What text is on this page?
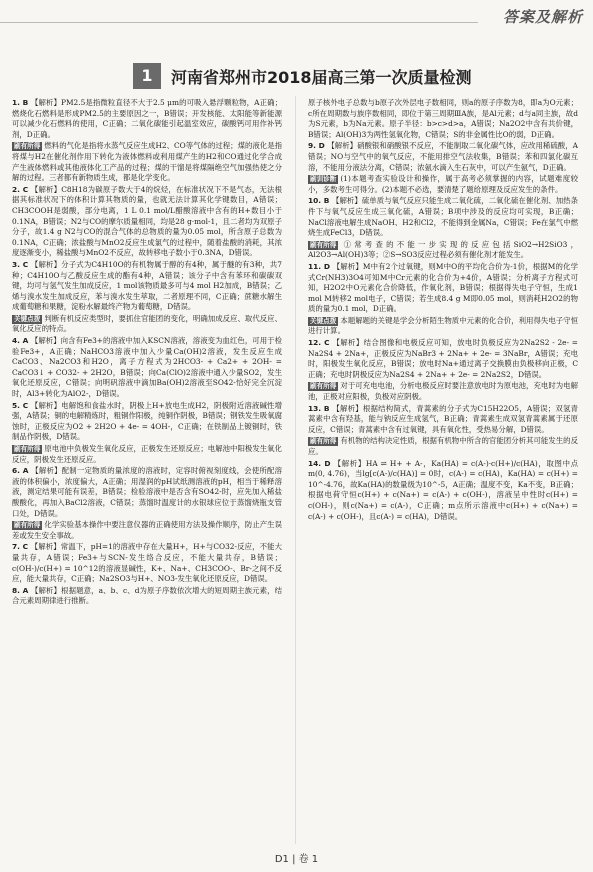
答案及解析
1	河南省郑州市2018届高三第一次质量检测
1. B 【解析】PM2.5是指微粒直径不大于2.5 μm的可吸入悬浮颗粒物，A正确；燃烧化石燃料是形成PM2.5的主要原因之一，B错误；开发核能、太阳能等新能源可以减少化石燃料的使用，C正确；二氧化碳能引起温室效应，碳酸钙可用作补钙剂，D正确。
刷有所得 燃料的气化是指将水蒸气反应生成H2、CO等气体的过程；煤的液化是指将煤与H2在催化剂作用下转化为液体燃料或利用煤产生的H2和CO通过化学合成产生液体燃料或其他液体化工产品的过程；煤的干馏是将煤隔绝空气加强热使之分解的过程。三者都有新物质生成，都是化学变化。
2. C 【解析】C8H18为碳原子数大于4的烷烃，在标准状况下不是气态，无法根据其标准状况下的体积计算其物质的量，也就无法计算其化学键数目，A错误；CH3COOH是弱酸，部分电离，1 L 0.1 mol/L醋酸溶液中含有的H+数目小于0.1NA，B错误；N2与CO的摩尔质量相同，均是28 g·mol-1，且二者均为双原子分子，故1.4 g N2与CO的混合气体的总物质的量为0.05 mol，所含原子总数为0.1NA，C正确；浓盐酸与MnO2反应生成氯气的过程中，随着盐酸的消耗，其浓度逐渐变小，稀盐酸与MnO2不反应，故转移电子数小于0.3NA，D错误。
3. C 【解析】分子式为C4H10O的有机物属于醇的有4种，属于醚的有3种，共7种；C4H10O与乙酸反应生成的酯有4种，A错误；该分子中含有苯环和碳碳双键，均可与氢气发生加成反应，1 mol该物质最多可与4 mol H2加成，B错误；乙烯与溴水发生加成反应，苯与溴水发生萃取，二者原理不同，C正确；蔗糖水解生成葡萄糖和果糖，淀粉水解最终产物为葡萄糖，D错误。
关键点拨 判断有机反应类型时，要抓住官能团的变化，明确加成反应、取代反应、氧化反应的特点。
4. A 【解析】向含有Fe3+的溶液中加入KSCN溶液，溶液变为血红色，可用于检验Fe3+，A正确；NaHCO3溶液中加入少量Ca(OH)2溶液，发生反应生成CaCO3、Na2CO3和H2O，离子方程式为2HCO3- + Ca2+ + 2OH- = CaCO3↓ + CO32- + 2H2O，B错误；向Ca(ClO)2溶液中通入少量SO2，发生氧化还原反应，C错误；向明矾溶液中滴加Ba(OH)2溶液至SO42-恰好完全沉淀时，Al3+转化为AlO2-，D错误。
5. C 【解析】电解饱和食盐水时，阴极上H+放电生成H2，阴极附近溶液碱性增强，A错误；铜的电解精炼时，粗铜作阳极，纯铜作阴极，B错误；钢铁发生吸氧腐蚀时，正极反应为O2 + 2H2O + 4e- = 4OH-，C正确；在铁制品上镀铜时，铁制品作阴极，D错误。
刷有所得 原电池中负极发生氧化反应，正极发生还原反应；电解池中阳极发生氧化反应，阴极发生还原反应。
6. A 【解析】配制一定物质的量浓度的溶液时，定容时俯视刻度线，会使所配溶液的体积偏小，浓度偏大，A正确；用湿润的pH试纸测溶液的pH，相当于稀释溶液，测定结果可能有误差，B错误；检验溶液中是否含有SO42-时，应先加入稀盐酸酸化，再加入BaCl2溶液，C错误；蒸馏时温度计的水银球应位于蒸馏烧瓶支管口处，D错误。
刷有所得 化学实验基本操作中要注意仪器的正确使用方法及操作顺序，防止产生误差或发生安全事故。
7. C 【解析】常温下，pH=1的溶液中存在大量H+，H+与CO32-反应，不能大量共存，A错误；Fe3+与SCN-发生络合反应，不能大量共存，B错误；c(OH-)/c(H+) = 10^12的溶液显碱性，K+、Na+、CH3COO-、Br-之间不反应，能大量共存，C正确；Na2SO3与H+、NO3-发生氧化还原反应，D错误。
8. A 【解析】根据题意，a、b、c、d为原子序数依次增大的短周期主族元素，结合元素周期律进行推断。
原子核外电子总数与b原子次外层电子数相同，则a的原子序数为8，即a为O元素；c所在周期数与族序数相同，即位于第三周期ⅢA族，是Al元素；d与a同主族，故d为S元素，b为Na元素。原子半径：b>c>d>a，A错误；Na2O2中含有共价键，B错误；Al(OH)3为两性氢氧化物，C错误；S的非金属性比O的弱，D正确。
9. D 【解析】硝酸银和硝酸银不反应，不能制取二氧化碳气体，应改用稀硫酸，A错误；NO与空气中的氧气反应，不能用排空气法收集，B错误；苯和四氯化碳互溶，不能用分液法分离，C错误；浓氨水滴入生石灰中，可以产生氨气，D正确。
刷训诊断 (1)本题考查实验设计和操作，属于高考必须掌握的内容，试题难度较小，多数考生可得分。(2)本题不必选，要清楚了题给原理及反应发生的条件。
10. B 【解析】硫单质与氧气反应只能生成二氧化硫，二氧化硫在催化剂、加热条件下与氧气反应生成三氧化硫，A错误；B项中涉及的反应均可实现，B正确；NaCl溶液电解生成NaOH、H2和Cl2，不能得到金属Na，C错误；Fe在氯气中燃烧生成FeCl3，D错误。
刷有所得 ①常考查的不能一步实现的反应包括SiO2→H2SiO3，Al2O3→Al(OH)3等；②S→SO3反应过程必须有催化剂才能发生。
11. D 【解析】M中有2个过氧键，则M中O的平均化合价为-1价，根据M的化学式Cr(NH3)3O4可知M中Cr元素的化合价为+4价，A错误；分析离子方程式可知，H2O2中O元素化合价降低，作氧化剂，B错误；根据得失电子守恒，生成1 mol M转移2 mol电子，C错误；若生成8.4 g M即0.05 mol，则消耗H2O2的物质的量为0.1 mol，D正确。
关键点拨 本题解题的关键是学会分析陌生物质中元素的化合价，利用得失电子守恒进行计算。
12. C 【解析】结合图像和电极反应可知，放电时负极反应为2Na2S2 - 2e- = Na2S4 + 2Na+，正极反应为NaBr3 + 2Na+ + 2e- = 3NaBr，A错误；充电时，阳极发生氧化反应，B错误；放电时Na+通过离子交换膜由负极移向正极，C正确；充电时阴极反应为Na2S4 + 2Na+ + 2e- = 2Na2S2，D错误。
刷有所得 对于可充电电池，分析电极反应时要注意放电时为原电池，充电时为电解池，正极对应阳极，负极对应阴极。
13. B 【解析】根据结构简式，青蒿素的分子式为C15H22O5，A错误；双氢青蒿素中含有羟基，能与钠反应生成氢气，B正确；青蒿素生成双氢青蒿素属于还原反应，C错误；青蒿素中含有过氧键，具有氧化性，受热易分解，D错误。
刷有所得 有机物的结构决定性质，根据有机物中所含的官能团分析其可能发生的反应。
14. D 【解析】HA ⇌ H+ + A-，Ka(HA) = c(A-)·c(H+)/c(HA)，取图中点m(0, 4.76)，当lg[c(A-)/c(HA)] = 0时，c(A-) = c(HA)，Ka(HA) = c(H+) = 10^-4.76，故Ka(HA)的数量级为10^-5，A正确；温度不变，Ka不变，B正确；根据电荷守恒c(H+) + c(Na+) = c(A-) + c(OH-)，溶液呈中性时c(H+) = c(OH-)，则c(Na+) = c(A-)，C正确；m点所示溶液中c(H+) + c(Na+) = c(A-) + c(OH-)，且c(A-) = c(HA)，D错误。
D1 | 卷 1
